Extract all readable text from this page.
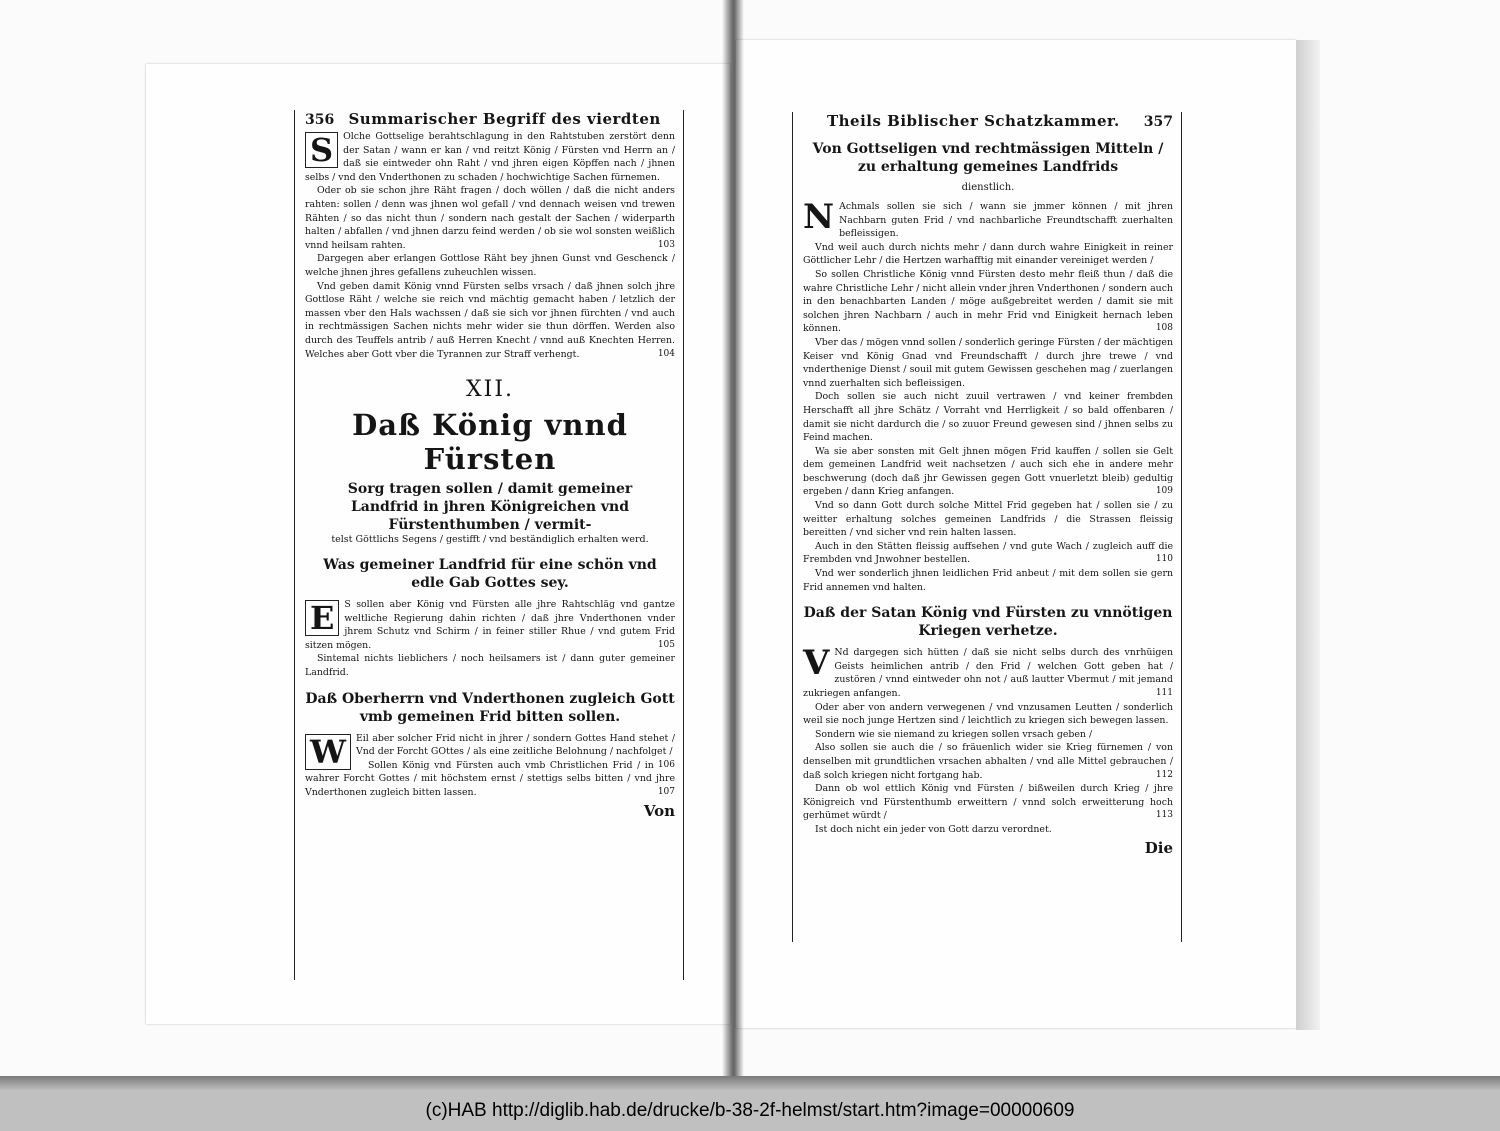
356 Summarischer Begriff des vierdten

S	Olche Gottselige berahtschlagung in den Rahtstuben zerstört denn der Satan / wann er kan / vnd reitzt König / Fürsten vnd Herrn an / daß sie eintweder ohn Raht / vnd jhren eigen Köpffen nach / jhnen selbs / vnd den Vnderthonen zu schaden / hochwichtige Sachen fürnemen.

Oder ob sie schon jhre Räht fragen / doch wöllen / daß die nicht anders rahten: sollen / denn was jhnen wol gefall / vnd dennach weisen vnd trewen Rähten / so das nicht thun / sondern nach gestalt der Sachen / widerparth halten / abfallen / vnd jhnen darzu feind werden / ob sie wol sonsten weißlich vnnd heilsam rahten.	103

Dargegen aber erlangen Gottlose Räht bey jhnen Gunst vnd Geschenck / welche jhnen jhres gefallens zuheuchlen wissen.

Vnd geben damit König vnnd Fürsten selbs vrsach / daß jhnen solch jhre Gottlose Räht / welche sie reich vnd mächtig gemacht haben / letzlich der massen vber den Hals wachssen / daß sie sich vor jhnen fürchten / vnd auch in rechtmässigen Sachen nichts mehr wider sie thun dörffen. Werden also durch des Teuffels antrib / auß Herren Knecht / vnnd auß Knechten Herren. Welches aber Gott vber die Tyrannen zur Straff verhengt.	104

XII.
Daß König vnnd Fürsten
Sorg tragen sollen / damit gemeiner Landfrid in jhren Königreichen vnd Fürstenthumben / vermit-
telst Göttlichs Segens / gestifft / vnd beständiglich erhalten werd.
Was gemeiner Landfrid für eine schön vnd edle Gab Gottes sey.

E	S sollen aber König vnd Fürsten alle jhre Rahtschläg vnd gantze weltliche Regierung dahin richten / daß jhre Vnderthonen vnder jhrem Schutz vnd Schirm / in feiner stiller Rhue / vnd gutem Frid sitzen mögen.	105

Sintemal nichts lieblichers / noch heilsamers ist / dann guter gemeiner Landfrid.

Daß Oberherrn vnd Vnderthonen zugleich Gott vmb gemeinen Frid bitten sollen.

W	Eil aber solcher Frid nicht in jhrer / sondern Gottes Hand stehet / Vnd der Forcht GOttes / als eine zeitliche Belohnung / nachfolget /
106

Sollen König vnd Fürsten auch vmb Christlichen Frid / in wahrer Forcht Gottes / mit höchstem ernst / stettigs selbs bitten / vnd jhre Vnderthonen zugleich bitten lassen.	107

Von
Theils Biblischer Schatzkammer. 357
Von Gottseligen vnd rechtmässigen Mitteln / zu erhaltung gemeines Landfrids
dienstlich.

N Achmals sollen sie sich / wann sie jmmer können / mit jhren Nachbarn guten Frid / vnd nachbarliche Freundtschafft zuerhalten befleissigen.

Vnd weil auch durch nichts mehr / dann durch wahre Einigkeit in reiner Göttlicher Lehr / die Hertzen warhafftig mit einander vereiniget werden /

So sollen Christliche König vnnd Fürsten desto mehr fleiß thun / daß die wahre Christliche Lehr / nicht allein vnder jhren Vnderthonen / sondern auch in den benachbarten Landen / möge außgebreitet werden / damit sie mit solchen jhren Nachbarn / auch in mehr Frid vnd Einigkeit hernach leben können.	108

Vber das / mögen vnnd sollen / sonderlich geringe Fürsten / der mächtigen Keiser vnd König Gnad vnd Freundschafft / durch jhre trewe / vnd vnderthenige Dienst / souil mit gutem Gewissen geschehen mag / zuerlangen vnnd zuerhalten sich befleissigen.

Doch sollen sie auch nicht zuuil vertrawen / vnd keiner frembden Herschafft all jhre Schätz / Vorraht vnd Herrligkeit / so bald offenbaren / damit sie nicht dardurch die / so zuuor Freund gewesen sind / jhnen selbs zu Feind machen.

Wa sie aber sonsten mit Gelt jhnen mögen Frid kauffen / sollen sie Gelt dem gemeinen Landfrid weit nachsetzen / auch sich ehe in andere mehr beschwerung (doch daß jhr Gewissen gegen Gott vnuerletzt bleib) gedultig ergeben / dann Krieg anfangen.	109

Vnd so dann Gott durch solche Mittel Frid gegeben hat / sollen sie / zu weitter erhaltung solches gemeinen Landfrids / die Strassen fleissig bereitten / vnd sicher vnd rein halten lassen.

Auch in den Stätten fleissig auffsehen / vnd gute Wach / zugleich auff die Frembden vnd Jnwohner bestellen.	110

Vnd wer sonderlich jhnen leidlichen Frid anbeut / mit dem sollen sie gern Frid annemen vnd halten.

Daß der Satan König vnd Fürsten zu vnnötigen Kriegen verhetze.

V Nd dargegen sich hütten / daß sie nicht selbs durch des vnrhüigen Geists heimlichen antrib / den Frid / welchen Gott geben hat / zustören / vnnd eintweder ohn not / auß lautter Vbermut / mit jemand zukriegen anfangen.	111

Oder aber von andern verwegenen / vnd vnzusamen Leutten / sonderlich weil sie noch junge Hertzen sind / leichtlich zu kriegen sich bewegen lassen.

Sondern wie sie niemand zu kriegen sollen vrsach geben /

Also sollen sie auch die / so fräuenlich wider sie Krieg fürnemen / von denselben mit grundtlichen vrsachen abhalten / vnd alle Mittel gebrauchen / daß solch kriegen nicht fortgang hab.	112

Dann ob wol ettlich König vnd Fürsten / bißweilen durch Krieg / jhre Königreich vnd Fürstenthumb erweittern / vnnd solch erweitterung hoch gerhümet würdt /	113

Ist doch nicht ein jeder von Gott darzu verordnet.

Die
(c)HAB http://diglib.hab.de/drucke/b-38-2f-helmst/start.htm?image=00000609
